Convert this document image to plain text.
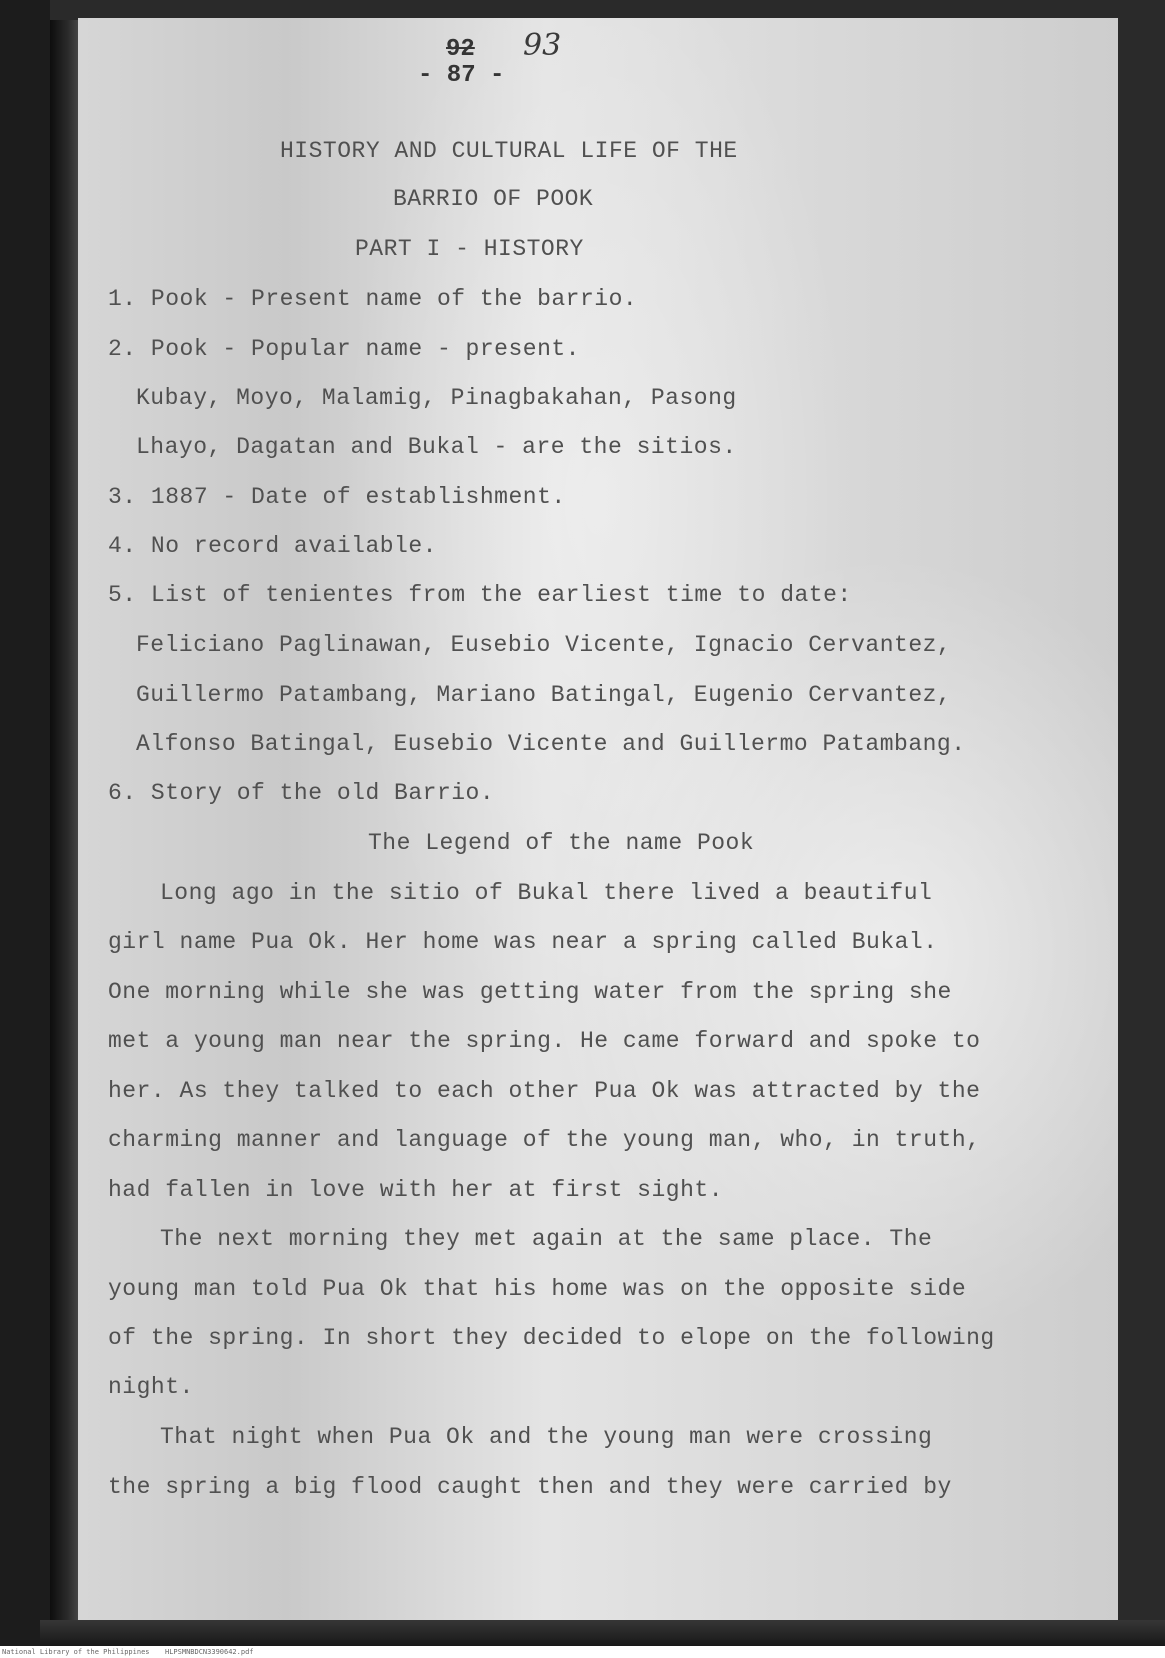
92 93
- 87 -
HISTORY AND CULTURAL LIFE OF THE
BARRIO OF POOK
PART I - HISTORY
1. Pook - Present name of the barrio.
2. Pook - Popular name - present.
Kubay, Moyo, Malamig, Pinagbakahan, Pasong
Lhayo, Dagatan and Bukal - are the sitios.
3. 1887 - Date of establishment.
4. No record available.
5. List of tenientes from the earliest time to date:
Feliciano Paglinawan, Eusebio Vicente, Ignacio Cervantez,
Guillermo Patambang, Mariano Batingal, Eugenio Cervantez,
Alfonso Batingal, Eusebio Vicente and Guillermo Patambang.
6. Story of the old Barrio.
The Legend of the name Pook
Long ago in the sitio of Bukal there lived a beautiful
girl name Pua Ok. Her home was near a spring called Bukal.
One morning while she was getting water from the spring she
met a young man near the spring. He came forward and spoke to
her. As they talked to each other Pua Ok was attracted by the
charming manner and language of the young man, who, in truth,
had fallen in love with her at first sight.
The next morning they met again at the same place. The
young man told Pua Ok that his home was on the opposite side
of the spring. In short they decided to elope on the following
night.
That night when Pua Ok and the young man were crossing
the spring a big flood caught then and they were carried by
National Library of the Philippines HLPSMNBDCN3390642.pdf
